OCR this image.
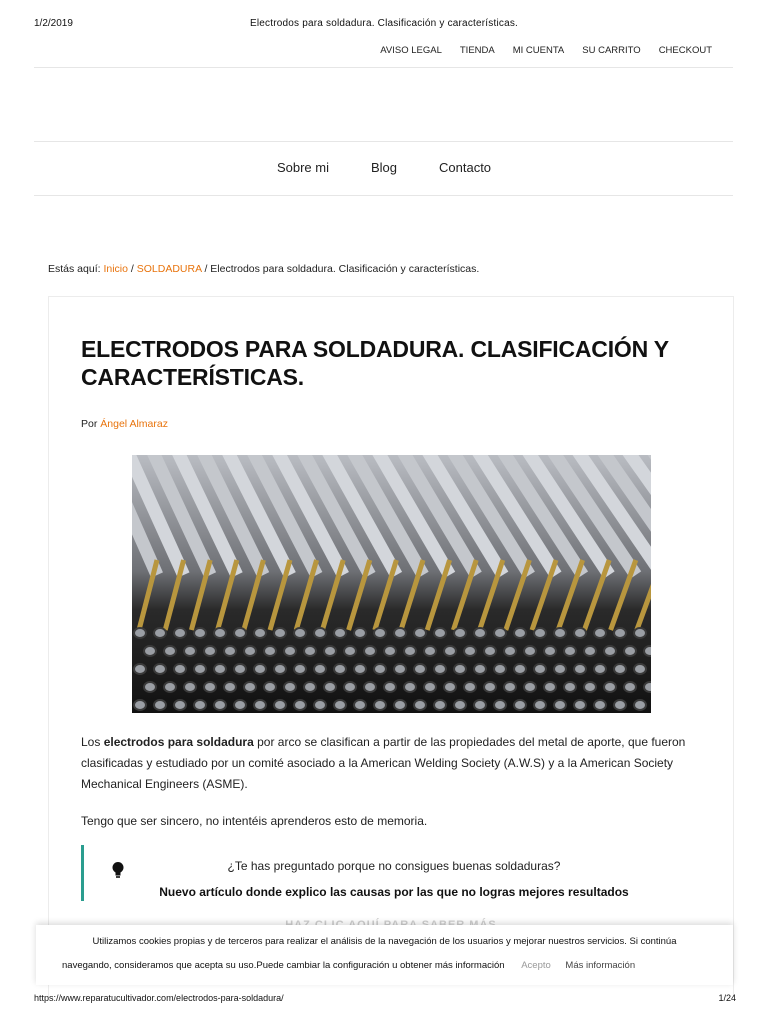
1/2/2019	Electrodos para soldadura. Clasificación y características.
AVISO LEGAL TIENDA MI CUENTA SU CARRITO CHECKOUT
Sobre mi	Blog	Contacto
Estás aquí: Inicio / SOLDADURA / Electrodos para soldadura. Clasificación y características.
ELECTRODOS PARA SOLDADURA. CLASIFICACIÓN Y CARACTERÍSTICAS.
Por Ángel Almaraz

Los electrodos para soldadura por arco se clasifican a partir de las propiedades del metal de aporte, que fueron clasificadas y estudiado por un comité asociado a la American Welding Society (A.W.S) y a la American Society Mechanical Engineers (ASME).

Tengo que ser sincero, no intentéis aprenderos esto de memoria.

¿Te has preguntado porque no consigues buenas soldaduras?
Nuevo artículo donde explico las causas por las que no logras mejores resultados
Utilizamos cookies propias y de terceros para realizar el análisis de la navegación de los usuarios y mejorar nuestros servicios. Si continúa
navegando, consideramos que acepta su uso.Puede cambiar la configuración u obtener más información Acepto Más información
https://www.reparatucultivador.com/electrodos-para-soldadura/	1/24
